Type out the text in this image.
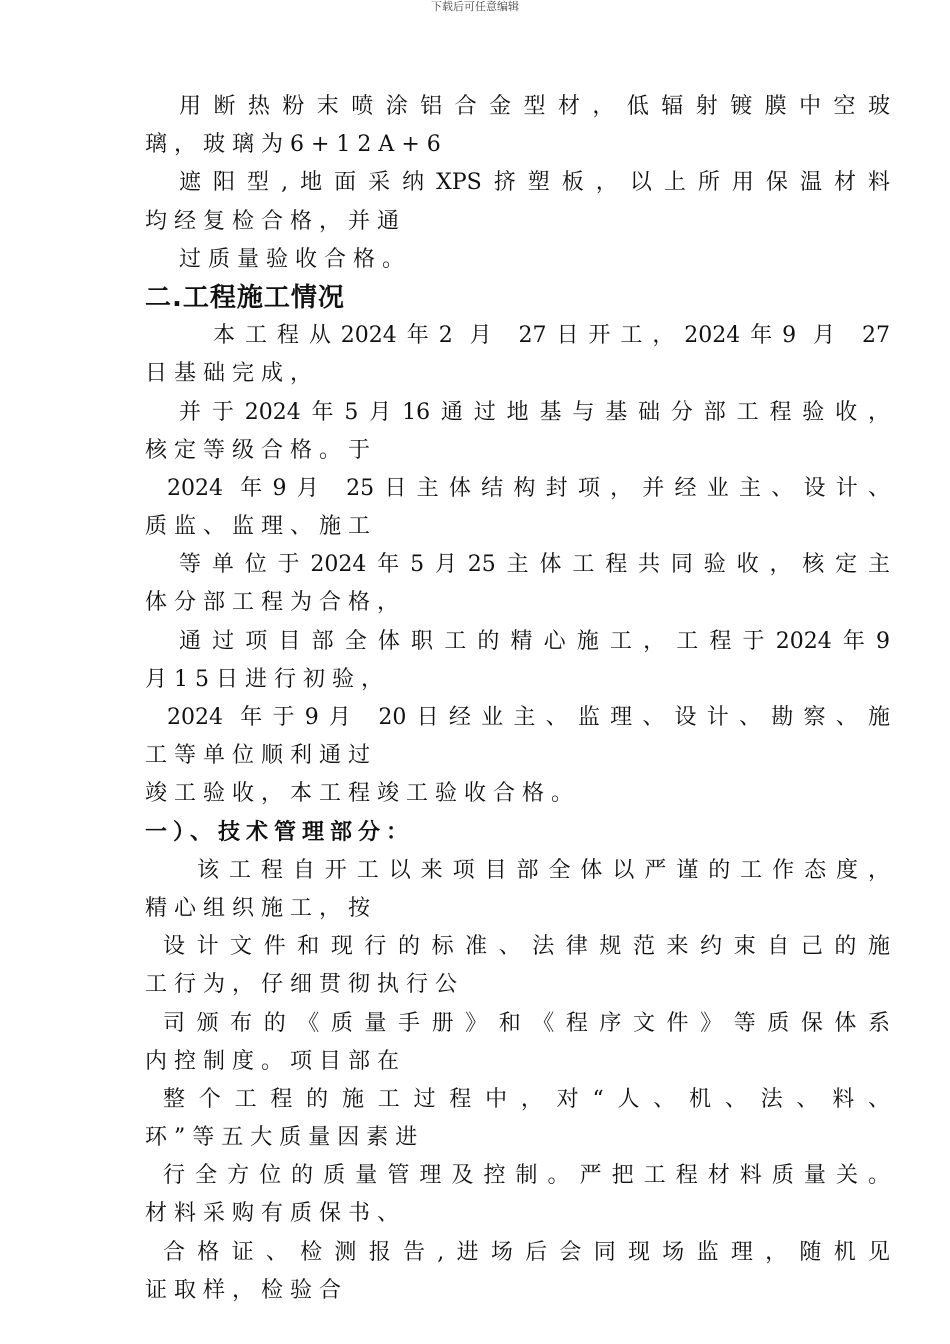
下载后可任意编辑
用断热粉末喷涂铝合金型材，低辐射镀膜中空玻
璃，玻璃为6+12A+6
遮阳型,地面采纳XPS挤塑板，以上所用保温材料
均经复检合格，并通
过质量验收合格。
二.工程施工情况
本工程从2024年2 月 27日开工，2024年9 月 27
日基础完成，
并于2024年5月16通过地基与基础分部工程验收，
核定等级合格。于
2024 年9月 25日主体结构封项，并经业主、设计、
质监、监理、施工
等单位于2024年5月25主体工程共同验收，核定主
体分部工程为合格，
通过项目部全体职工的精心施工，工程于2024年9
月15日进行初验，
2024 年于9月 20日经业主、监理、设计、勘察、施
工等单位顺利通过
竣工验收，本工程竣工验收合格。
一）、技术管理部分：
该工程自开工以来项目部全体以严谨的工作态度，
精心组织施工，按
设计文件和现行的标准、法律规范来约束自己的施
工行为，仔细贯彻执行公
司颁布的《质量手册》和《程序文件》等质保体系
内控制度。项目部在
整个工程的施工过程中，对“人、机、法、料、
环”等五大质量因素进
行全方位的质量管理及控制。严把工程材料质量关。
材料采购有质保书、
合格证、检测报告,进场后会同现场监理，随机见
证取样，检验合
